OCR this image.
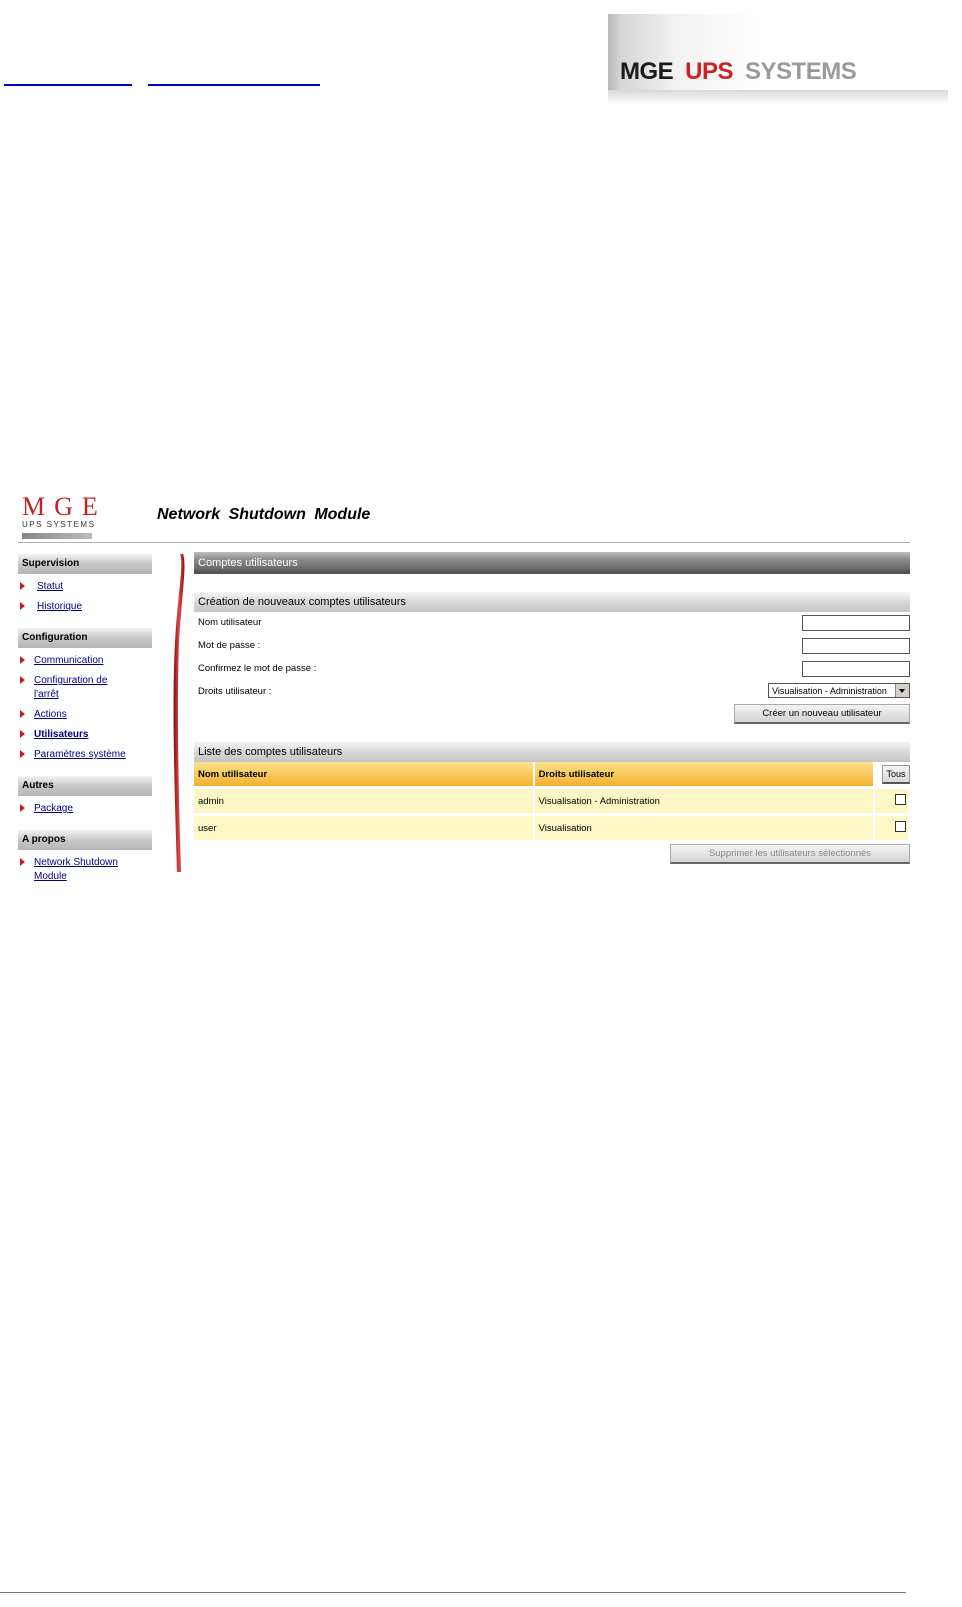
MGE UPS SYSTEMS
MGE
UPS SYSTEMS
Network Shutdown Module
Supervision
Statut
Historique
Configuration
Communication
Configuration de l'arrêt
Actions
Utilisateurs
Paramètres système
Autres
Package
A propos
Network Shutdown Module
Comptes utilisateurs
Création de nouveaux comptes utilisateurs
Nom utilisateur
Mot de passe :
Confirmez le mot de passe :
Droits utilisateur :	Visualisation - Administration
Créer un nouveau utilisateur
Liste des comptes utilisateurs
Nom utilisateur	Droits utilisateur	Tous
admin	Visualisation - Administration	
user	Visualisation	
Supprimer les utilisateurs sélectionnés
